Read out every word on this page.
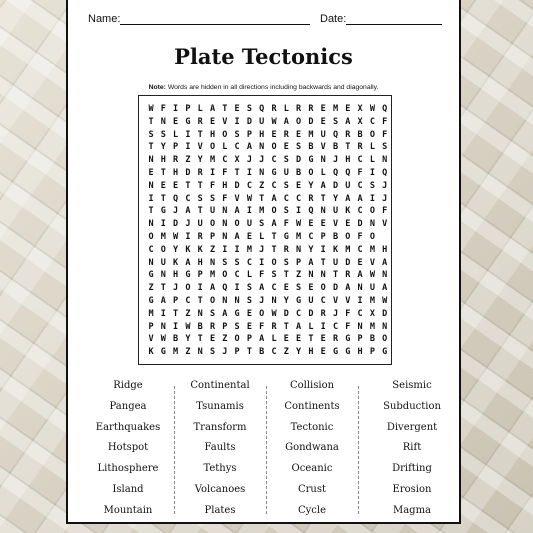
Name:	Date:
Plate Tectonics
Note: Words are hidden in all directions including backwards and diagonally.
W F I P L A T E S Q R L R R E M E X W Q
T N E G R E V I D U W A O D E S A X C F
S S L I T H O S P H E R E M U Q R B O F
T Y P I V O L C A N O E S B V B T R L S
N H R Z Y M C X J J C S D G N J H C L N
E T H D R I F T I N G U B O L Q Q F I Q
N E E T T F H D C Z C S E Y A D U C S J
I T Q C S S F V W T A C C R T Y A A I J
T G J A T U N A I M O S I Q N U K C O F
N I D J U O N O U S A F W E E V E D N V
O M W I R P N A E L T G M C P B O F O
C O Y K K Z I I M J T R N Y I K M C M H
N U K A H N S S C I O S P A T U D E V A
G N H G P M O C L F S T Z N N T R A W N
Z T J O I A Q I S A C E S E O D A N U A
G A P C T O N N S J N Y G U C V V I M W
M I T Z N S A G E O W D C D R J F C X D
P N I W B R P S E F R T A L I C F N M N
V W B Y T E Z O P A L E E T E R G P B O
K G M Z N S J P T B C Z Y H E G G H P G
Ridge	Continental	Collision	Seismic
Pangea	Tsunamis	Continents	Subduction
Earthquakes	Transform	Tectonic	Divergent
Hotspot	Faults	Gondwana	Rift
Lithosphere	Tethys	Oceanic	Drifting
Island	Volcanoes	Crust	Erosion
Mountain	Plates	Cycle	Magma
